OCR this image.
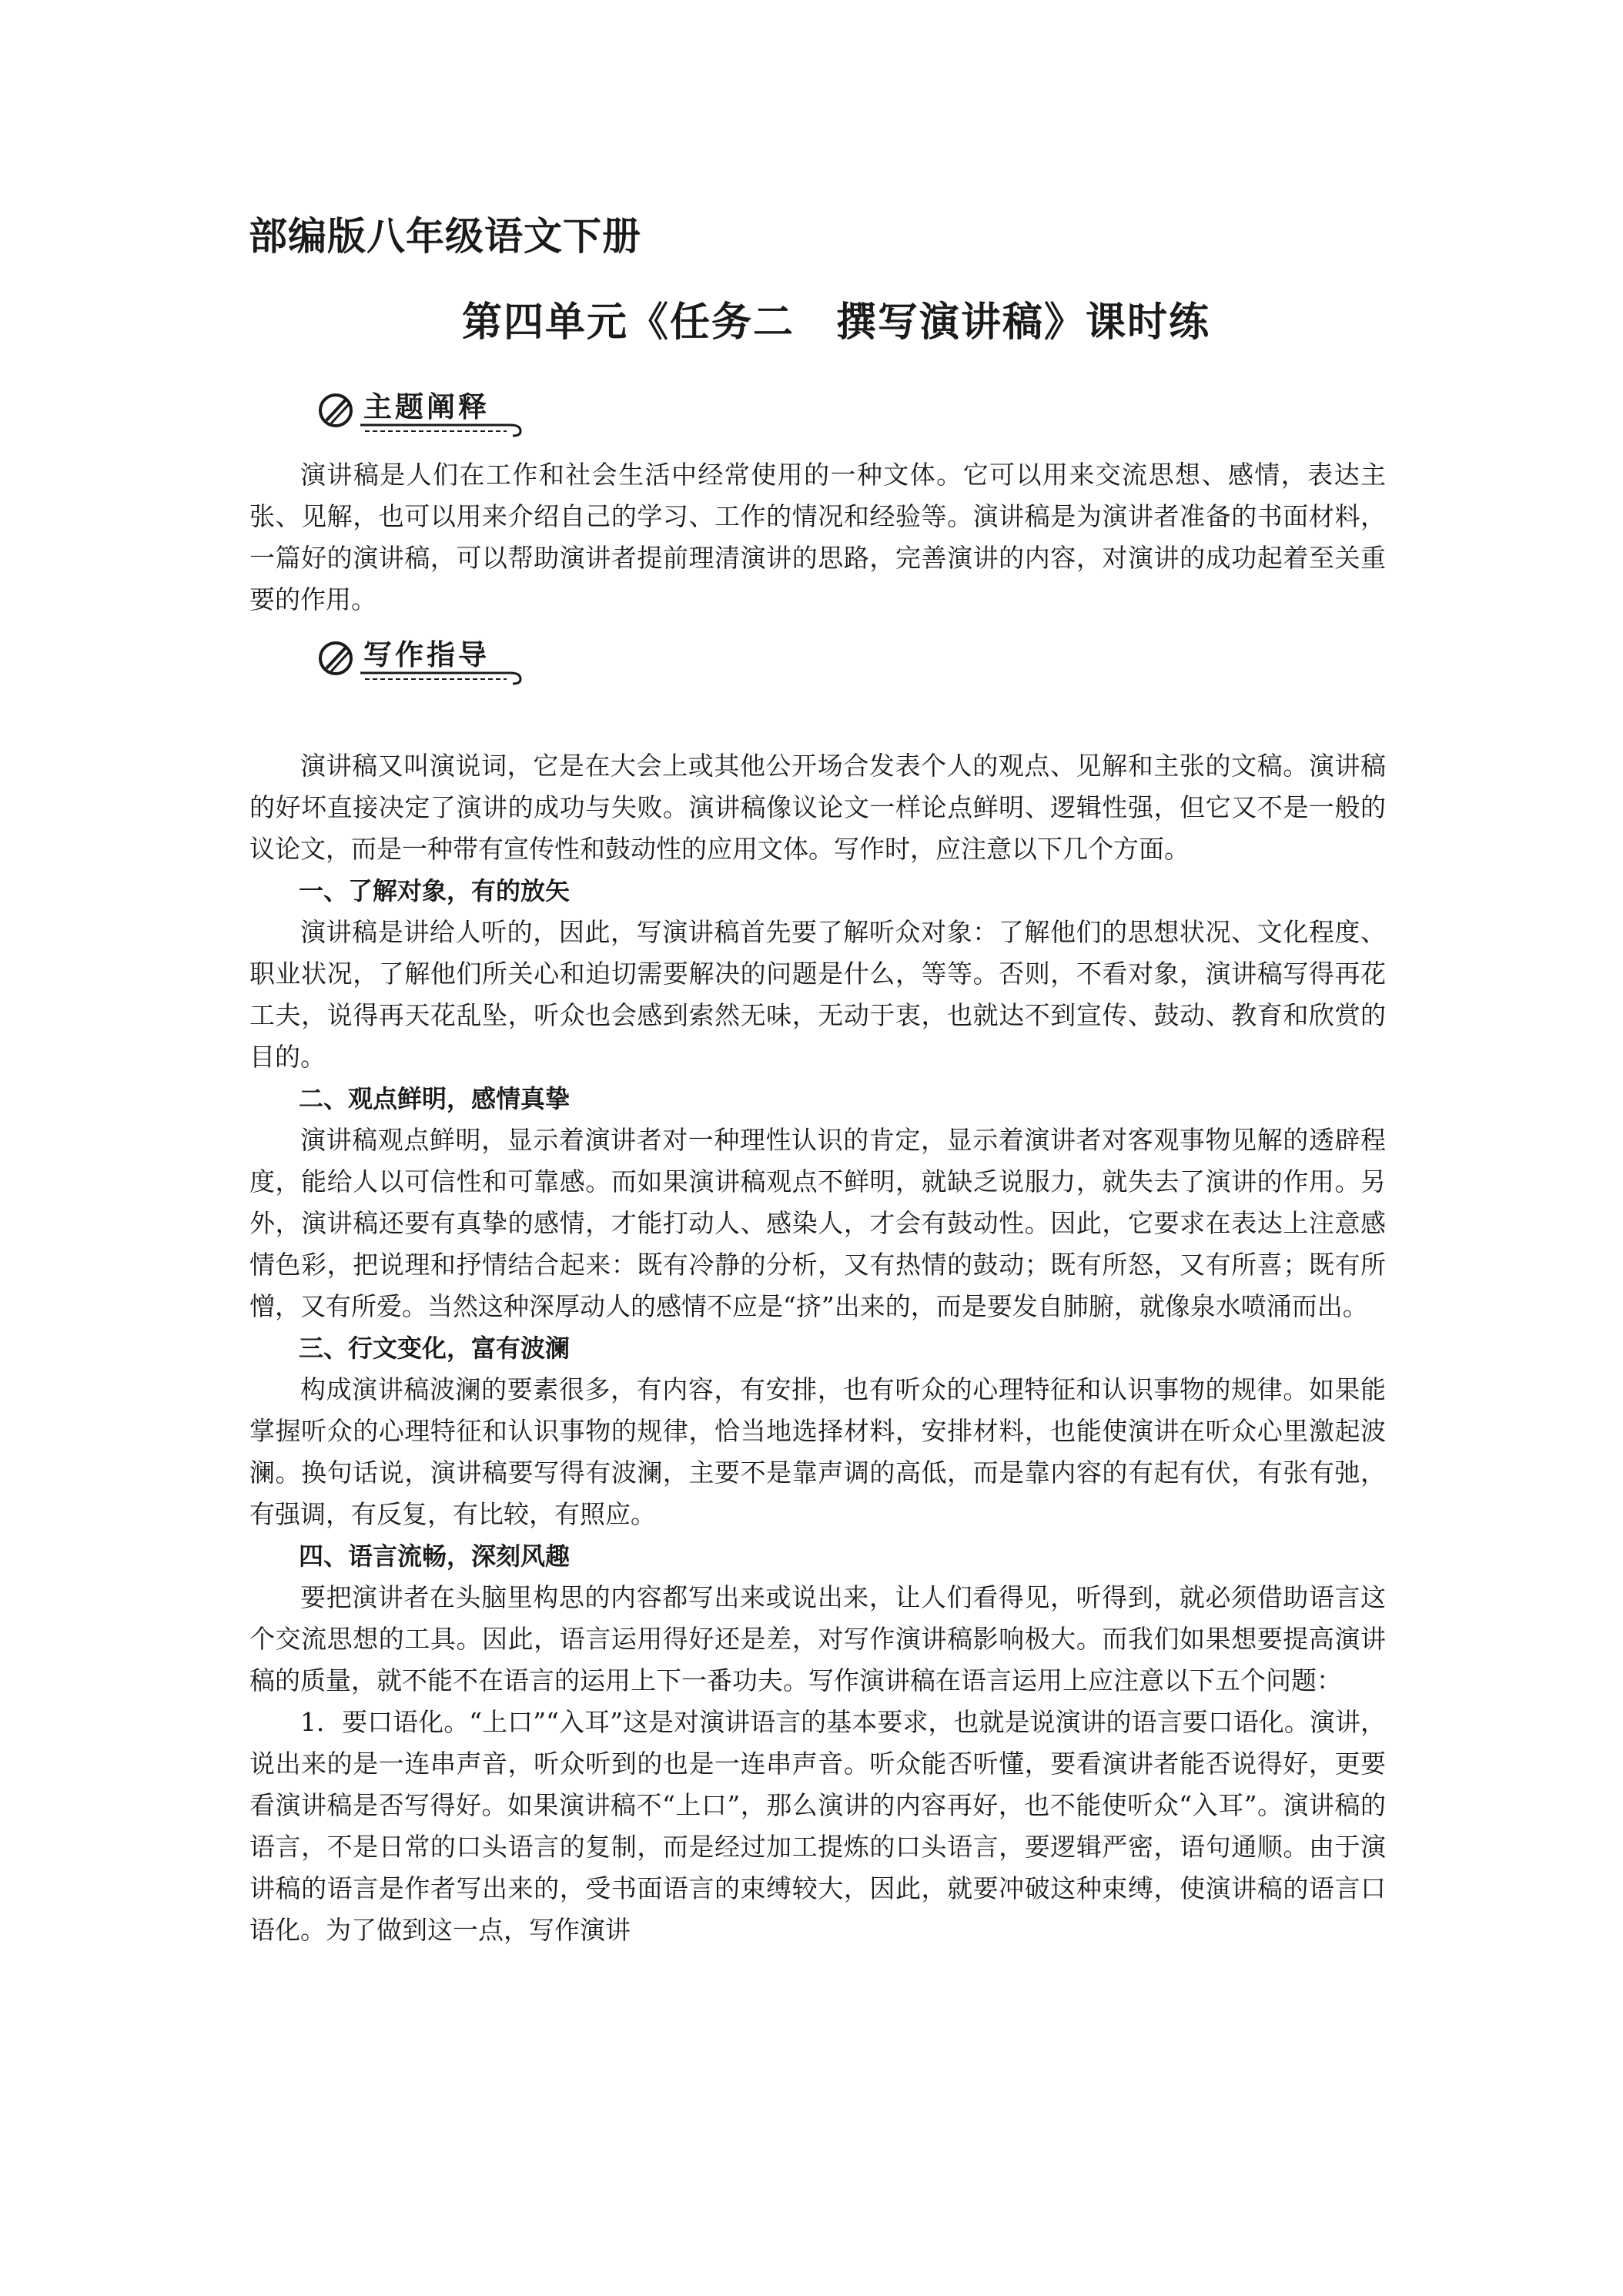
部编版八年级语文下册
第四单元《任务二　撰写演讲稿》课时练
主题阐释

演讲稿是人们在工作和社会生活中经常使用的一种文体。它可以用来交流思想、感情，表达主张、见解，也可以用来介绍自己的学习、工作的情况和经验等。演讲稿是为演讲者准备的书面材料，一篇好的演讲稿，可以帮助演讲者提前理清演讲的思路，完善演讲的内容，对演讲的成功起着至关重要的作用。

写作指导

演讲稿又叫演说词，它是在大会上或其他公开场合发表个人的观点、见解和主张的文稿。演讲稿的好坏直接决定了演讲的成功与失败。演讲稿像议论文一样论点鲜明、逻辑性强，但它又不是一般的议论文，而是一种带有宣传性和鼓动性的应用文体。写作时，应注意以下几个方面。

一、了解对象，有的放矢

演讲稿是讲给人听的，因此，写演讲稿首先要了解听众对象：了解他们的思想状况、文化程度、职业状况，了解他们所关心和迫切需要解决的问题是什么，等等。否则，不看对象，演讲稿写得再花工夫，说得再天花乱坠，听众也会感到索然无味，无动于衷，也就达不到宣传、鼓动、教育和欣赏的目的。

二、观点鲜明，感情真挚

演讲稿观点鲜明，显示着演讲者对一种理性认识的肯定，显示着演讲者对客观事物见解的透辟程度，能给人以可信性和可靠感。而如果演讲稿观点不鲜明，就缺乏说服力，就失去了演讲的作用。另外，演讲稿还要有真挚的感情，才能打动人、感染人，才会有鼓动性。因此，它要求在表达上注意感情色彩，把说理和抒情结合起来：既有冷静的分析，又有热情的鼓动；既有所怒，又有所喜；既有所憎，又有所爱。当然这种深厚动人的感情不应是“挤”出来的，而是要发自肺腑，就像泉水喷涌而出。

三、行文变化，富有波澜

构成演讲稿波澜的要素很多，有内容，有安排，也有听众的心理特征和认识事物的规律。如果能掌握听众的心理特征和认识事物的规律，恰当地选择材料，安排材料，也能使演讲在听众心里激起波澜。换句话说，演讲稿要写得有波澜，主要不是靠声调的高低，而是靠内容的有起有伏，有张有弛，有强调，有反复，有比较，有照应。

四、语言流畅，深刻风趣

要把演讲者在头脑里构思的内容都写出来或说出来，让人们看得见，听得到，就必须借助语言这个交流思想的工具。因此，语言运用得好还是差，对写作演讲稿影响极大。而我们如果想要提高演讲稿的质量，就不能不在语言的运用上下一番功夫。写作演讲稿在语言运用上应注意以下五个问题：

1．要口语化。“上口”“入耳”这是对演讲语言的基本要求，也就是说演讲的语言要口语化。演讲，说出来的是一连串声音，听众听到的也是一连串声音。听众能否听懂，要看演讲者能否说得好，更要看演讲稿是否写得好。如果演讲稿不“上口”，那么演讲的内容再好，也不能使听众“入耳”。演讲稿的语言，不是日常的口头语言的复制，而是经过加工提炼的口头语言，要逻辑严密，语句通顺。由于演讲稿的语言是作者写出来的，受书面语言的束缚较大，因此，就要冲破这种束缚，使演讲稿的语言口语化。为了做到这一点，写作演讲
